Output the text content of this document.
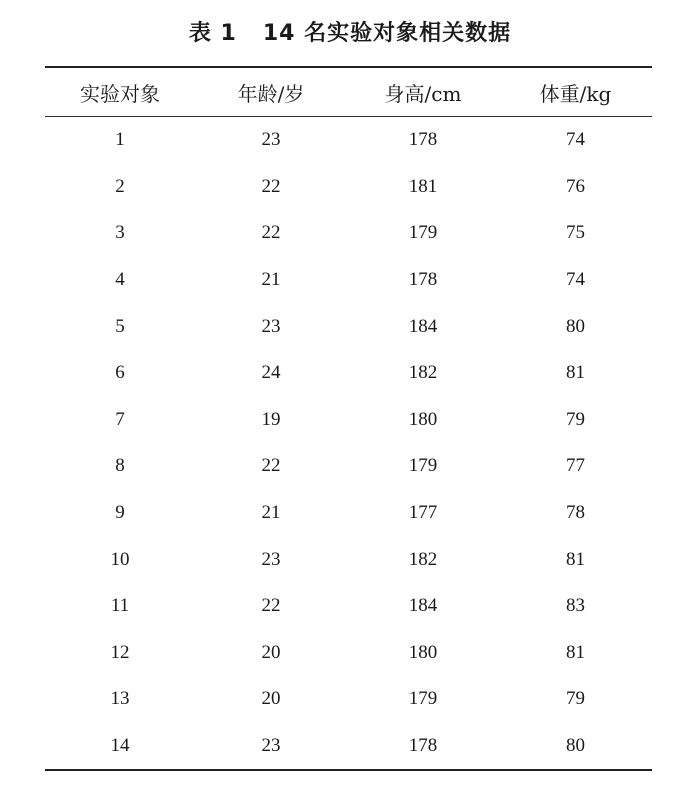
表 1 14 名实验对象相关数据
实验对象	年龄/岁	身高/cm	体重/kg
1	23	178	74
2	22	181	76
3	22	179	75
4	21	178	74
5	23	184	80
6	24	182	81
7	19	180	79
8	22	179	77
9	21	177	78
10	23	182	81
11	22	184	83
12	20	180	81
13	20	179	79
14	23	178	80
